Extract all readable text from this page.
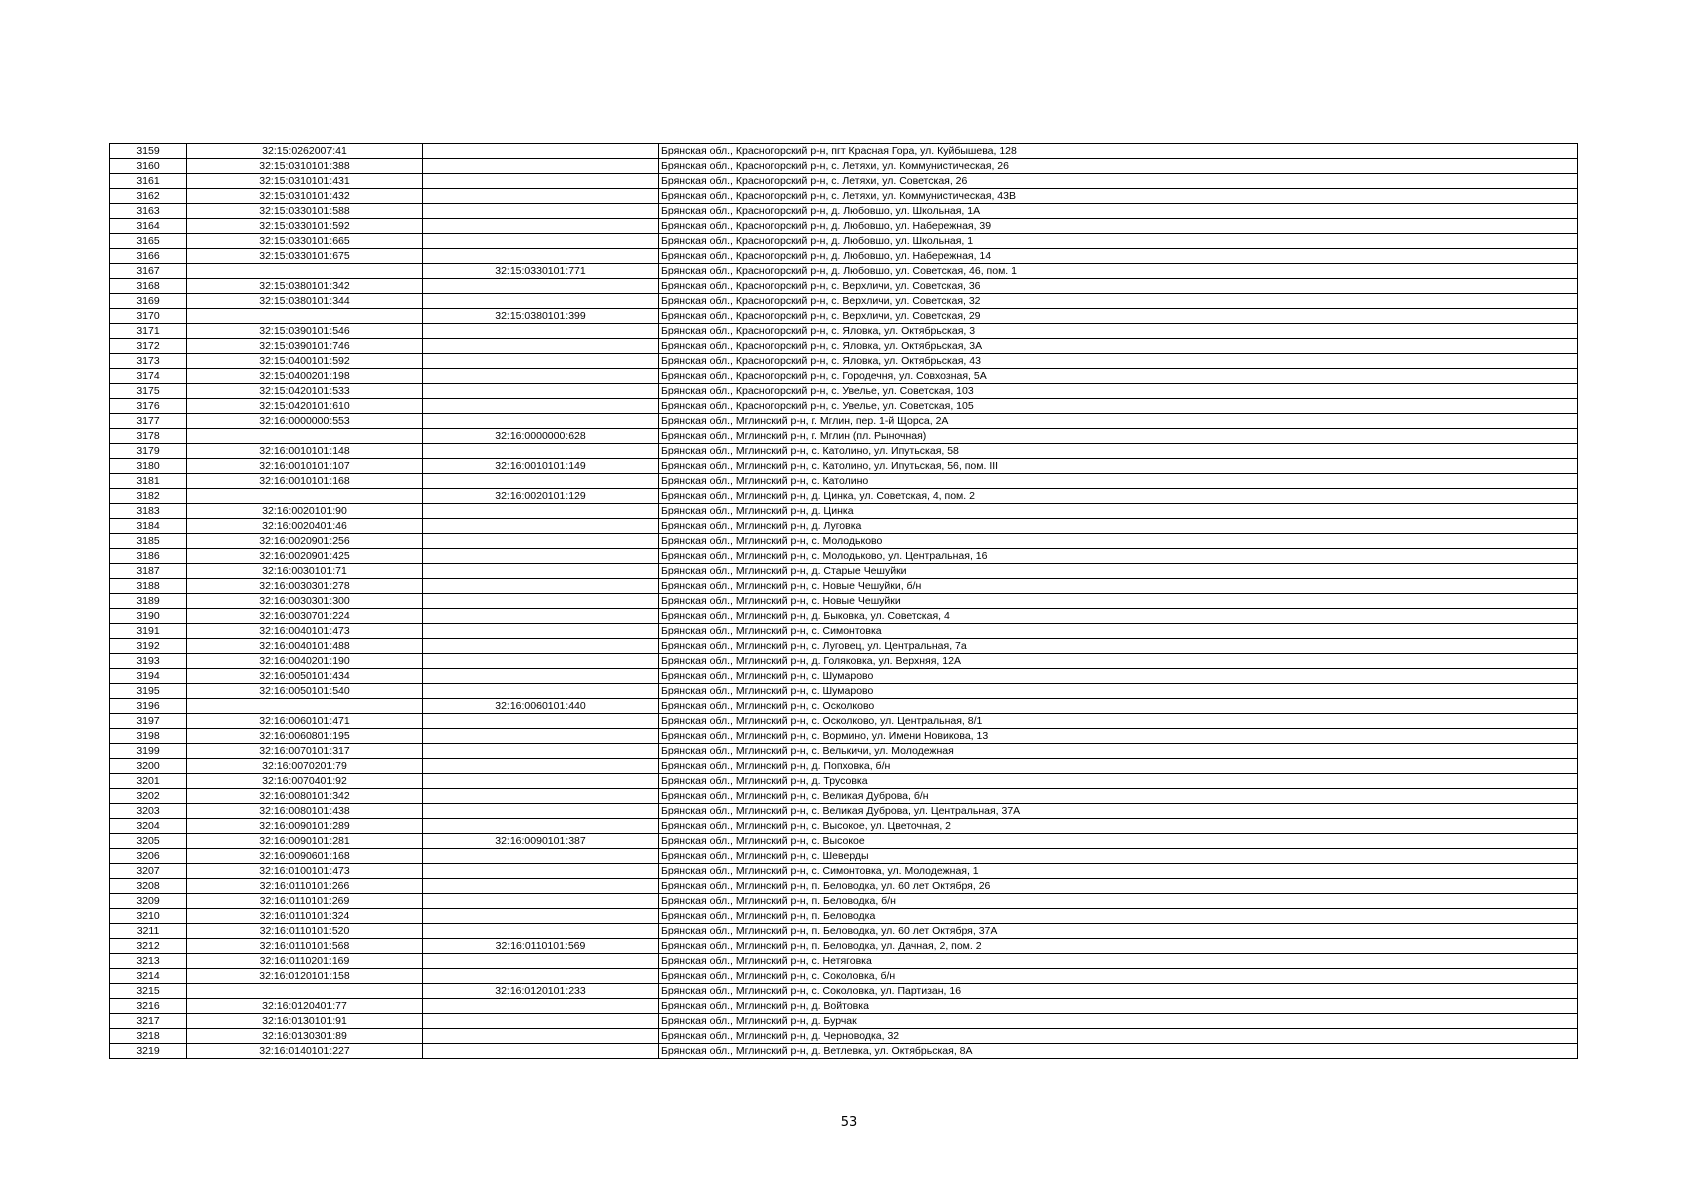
3159	32:15:0262007:41		Брянская обл., Красногорский р-н, пгт Красная Гора, ул. Куйбышева, 128
3160	32:15:0310101:388		Брянская обл., Красногорский р-н, с. Летяхи, ул. Коммунистическая, 26
3161	32:15:0310101:431		Брянская обл., Красногорский р-н, с. Летяхи, ул. Советская, 26
3162	32:15:0310101:432		Брянская обл., Красногорский р-н, с. Летяхи, ул. Коммунистическая, 43В
3163	32:15:0330101:588		Брянская обл., Красногорский р-н, д. Любовшо, ул. Школьная, 1А
3164	32:15:0330101:592		Брянская обл., Красногорский р-н, д. Любовшо, ул. Набережная, 39
3165	32:15:0330101:665		Брянская обл., Красногорский р-н, д. Любовшо, ул. Школьная, 1
3166	32:15:0330101:675		Брянская обл., Красногорский р-н, д. Любовшо, ул. Набережная, 14
3167		32:15:0330101:771	Брянская обл., Красногорский р-н, д. Любовшо, ул. Советская, 46, пом. 1
3168	32:15:0380101:342		Брянская обл., Красногорский р-н, с. Верхличи, ул. Советская, 36
3169	32:15:0380101:344		Брянская обл., Красногорский р-н, с. Верхличи, ул. Советская, 32
3170		32:15:0380101:399	Брянская обл., Красногорский р-н, с. Верхличи, ул. Советская, 29
3171	32:15:0390101:546		Брянская обл., Красногорский р-н, с. Яловка, ул. Октябрьская, 3
3172	32:15:0390101:746		Брянская обл., Красногорский р-н, с. Яловка, ул. Октябрьская, 3А
3173	32:15:0400101:592		Брянская обл., Красногорский р-н, с. Яловка, ул. Октябрьская, 43
3174	32:15:0400201:198		Брянская обл., Красногорский р-н, с. Городечня, ул. Совхозная, 5А
3175	32:15:0420101:533		Брянская обл., Красногорский р-н, с. Увелье, ул. Советская, 103
3176	32:15:0420101:610		Брянская обл., Красногорский р-н, с. Увелье, ул. Советская, 105
3177	32:16:0000000:553		Брянская обл., Мглинский р-н, г. Мглин, пер. 1-й Щорса, 2А
3178		32:16:0000000:628	Брянская обл., Мглинский р-н, г. Мглин (пл. Рыночная)
3179	32:16:0010101:148		Брянская обл., Мглинский р-н, с. Католино, ул. Ипутьская, 58
3180	32:16:0010101:107	32:16:0010101:149	Брянская обл., Мглинский р-н, с. Католино, ул. Ипутьская, 56, пом. III
3181	32:16:0010101:168		Брянская обл., Мглинский р-н, с. Католино
3182		32:16:0020101:129	Брянская обл., Мглинский р-н, д. Цинка, ул. Советская, 4, пом. 2
3183	32:16:0020101:90		Брянская обл., Мглинский р-н, д. Цинка
3184	32:16:0020401:46		Брянская обл., Мглинский р-н, д. Луговка
3185	32:16:0020901:256		Брянская обл., Мглинский р-н, с. Молодьково
3186	32:16:0020901:425		Брянская обл., Мглинский р-н, с. Молодьково, ул. Центральная, 16
3187	32:16:0030101:71		Брянская обл., Мглинский р-н, д. Старые Чешуйки
3188	32:16:0030301:278		Брянская обл., Мглинский р-н, с. Новые Чешуйки, б/н
3189	32:16:0030301:300		Брянская обл., Мглинский р-н, с. Новые Чешуйки
3190	32:16:0030701:224		Брянская обл., Мглинский р-н, д. Быковка, ул. Советская, 4
3191	32:16:0040101:473		Брянская обл., Мглинский р-н, с. Симонтовка
3192	32:16:0040101:488		Брянская обл., Мглинский р-н, с. Луговец, ул. Центральная, 7а
3193	32:16:0040201:190		Брянская обл., Мглинский р-н, д. Голяковка, ул. Верхняя, 12А
3194	32:16:0050101:434		Брянская обл., Мглинский р-н, с. Шумарово
3195	32:16:0050101:540		Брянская обл., Мглинский р-н, с. Шумарово
3196		32:16:0060101:440	Брянская обл., Мглинский р-н, с. Осколково
3197	32:16:0060101:471		Брянская обл., Мглинский р-н, с. Осколково, ул. Центральная, 8/1
3198	32:16:0060801:195		Брянская обл., Мглинский р-н, с. Вормино, ул. Имени Новикова, 13
3199	32:16:0070101:317		Брянская обл., Мглинский р-н, с. Велькичи, ул. Молодежная
3200	32:16:0070201:79		Брянская обл., Мглинский р-н, д. Попховка, б/н
3201	32:16:0070401:92		Брянская обл., Мглинский р-н, д. Трусовка
3202	32:16:0080101:342		Брянская обл., Мглинский р-н, с. Великая Дуброва, б/н
3203	32:16:0080101:438		Брянская обл., Мглинский р-н, с. Великая Дуброва, ул. Центральная, 37А
3204	32:16:0090101:289		Брянская обл., Мглинский р-н, с. Высокое, ул. Цветочная, 2
3205	32:16:0090101:281	32:16:0090101:387	Брянская обл., Мглинский р-н, с. Высокое
3206	32:16:0090601:168		Брянская обл., Мглинский р-н, с. Шеверды
3207	32:16:0100101:473		Брянская обл., Мглинский р-н, с. Симонтовка, ул. Молодежная, 1
3208	32:16:0110101:266		Брянская обл., Мглинский р-н, п. Беловодка, ул. 60 лет Октября, 26
3209	32:16:0110101:269		Брянская обл., Мглинский р-н, п. Беловодка, б/н
3210	32:16:0110101:324		Брянская обл., Мглинский р-н, п. Беловодка
3211	32:16:0110101:520		Брянская обл., Мглинский р-н, п. Беловодка, ул. 60 лет Октября, 37А
3212	32:16:0110101:568	32:16:0110101:569	Брянская обл., Мглинский р-н, п. Беловодка, ул. Дачная, 2, пом. 2
3213	32:16:0110201:169		Брянская обл., Мглинский р-н, с. Нетяговка
3214	32:16:0120101:158		Брянская обл., Мглинский р-н, с. Соколовка, б/н
3215		32:16:0120101:233	Брянская обл., Мглинский р-н, с. Соколовка, ул. Партизан, 16
3216	32:16:0120401:77		Брянская обл., Мглинский р-н, д. Войтовка
3217	32:16:0130101:91		Брянская обл., Мглинский р-н, д. Бурчак
3218	32:16:0130301:89		Брянская обл., Мглинский р-н, д. Черноводка, 32
3219	32:16:0140101:227		Брянская обл., Мглинский р-н, д. Ветлевка, ул. Октябрьская, 8А
53
